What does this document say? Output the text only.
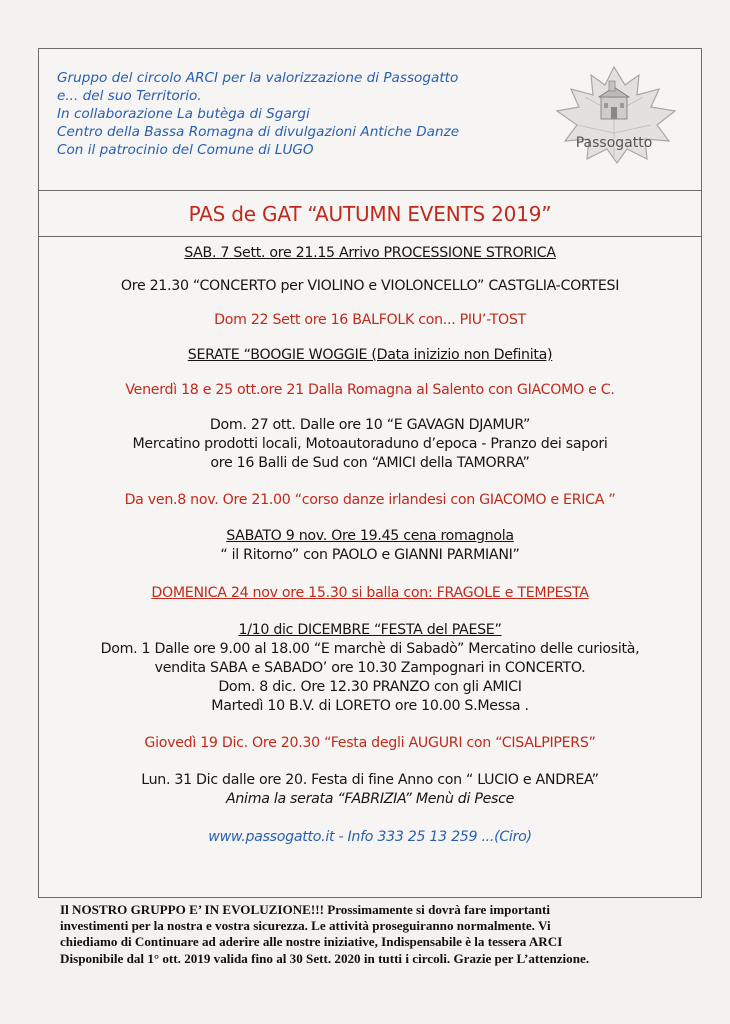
Gruppo del circolo ARCI per la valorizzazione di Passogatto
e... del suo Territorio.
In collaborazione La butèga di Sgargi
Centro della Bassa Romagna di divulgazioni Antiche Danze
Con il patrocinio del Comune di LUGO	Passogatto
PAS de GAT “AUTUMN EVENTS 2019”
SAB. 7 Sett. ore 21.15 Arrivo PROCESSIONE STRORICA
Ore 21.30 “CONCERTO per VIOLINO e VIOLONCELLO” CASTGLIA-CORTESI
Dom 22 Sett ore 16 BALFOLK con... PIU’-TOST
SERATE “BOOGIE WOGGIE (Data inizizio non Definita)
Venerdì 18 e 25 ott.ore 21 Dalla Romagna al Salento con GIACOMO e C.
Dom. 27 ott. Dalle ore 10 “E GAVAGN DJAMUR”
Mercatino prodotti locali, Motoautoraduno d’epoca - Pranzo dei sapori
ore 16 Balli de Sud con “AMICI della TAMORRA”
Da ven.8 nov. Ore 21.00 “corso danze irlandesi con GIACOMO e ERICA ”
SABATO 9 nov. Ore 19.45 cena romagnola
“ il Ritorno” con PAOLO e GIANNI PARMIANI”
DOMENICA 24 nov ore 15.30 si balla con: FRAGOLE e TEMPESTA
1/10 dic DICEMBRE “FESTA del PAESE”
Dom. 1 Dalle ore 9.00 al 18.00 “E marchè di Sabadò” Mercatino delle curiosità,
vendita SABA e SABADO’ ore 10.30 Zampognari in CONCERTO.
Dom. 8 dic. Ore 12.30 PRANZO con gli AMICI
Martedì 10 B.V. di LORETO ore 10.00 S.Messa .
Giovedì 19 Dic. Ore 20.30 “Festa degli AUGURI con “CISALPIPERS”
Lun. 31 Dic dalle ore 20. Festa di fine Anno con “ LUCIO e ANDREA”
Anima la serata “FABRIZIA” Menù di Pesce
www.passogatto.it - Info 333 25 13 259 ...(Ciro)
Il NOSTRO GRUPPO E’ IN EVOLUZIONE!!! Prossimamente si dovrà fare importanti
investimenti per la nostra e vostra sicurezza. Le attività proseguiranno normalmente. Vi
chiediamo di Continuare ad aderire alle nostre iniziative, Indispensabile è la tessera ARCI
Disponibile dal 1° ott. 2019 valida fino al 30 Sett. 2020 in tutti i circoli. Grazie per L’attenzione.
